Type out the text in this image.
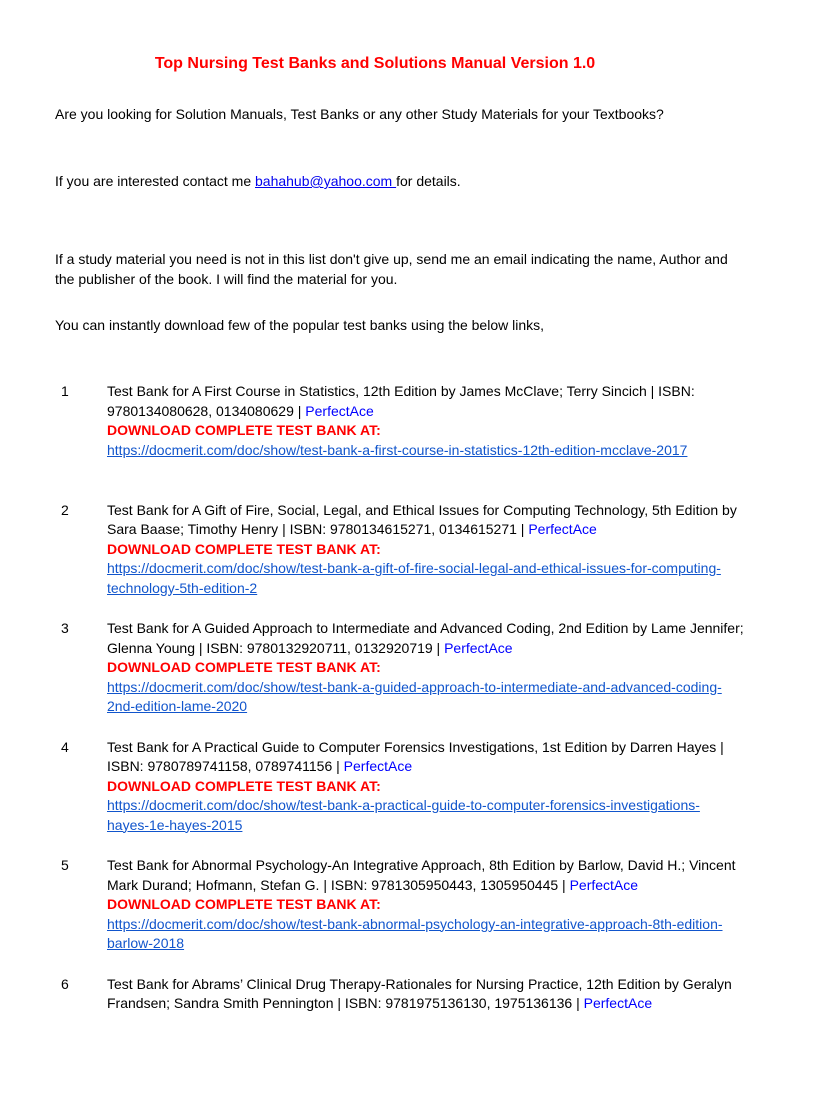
Top Nursing Test Banks and Solutions Manual Version 1.0
Are you looking for Solution Manuals, Test Banks or any other Study Materials for your Textbooks?
If you are interested contact me bahahub@yahoo.com for details.
If a study material you need is not in this list don't give up, send me an email indicating the name, Author and
the publisher of the book. I will find the material for you.
You can instantly download few of the popular test banks using the below links,
1	Test Bank for A First Course in Statistics, 12th Edition by James McClave; Terry Sincich | ISBN:
9780134080628, 0134080629 | PerfectAce
DOWNLOAD COMPLETE TEST BANK AT:
https://docmerit.com/doc/show/test-bank-a-first-course-in-statistics-12th-edition-mcclave-2017
2	Test Bank for A Gift of Fire, Social, Legal, and Ethical Issues for Computing Technology, 5th Edition by
Sara Baase; Timothy Henry | ISBN: 9780134615271, 0134615271 | PerfectAce
DOWNLOAD COMPLETE TEST BANK AT:
https://docmerit.com/doc/show/test-bank-a-gift-of-fire-social-legal-and-ethical-issues-for-computing-
technology-5th-edition-2
3	Test Bank for A Guided Approach to Intermediate and Advanced Coding, 2nd Edition by Lame Jennifer;
Glenna Young | ISBN: 9780132920711, 0132920719 | PerfectAce
DOWNLOAD COMPLETE TEST BANK AT:
https://docmerit.com/doc/show/test-bank-a-guided-approach-to-intermediate-and-advanced-coding-
2nd-edition-lame-2020
4	Test Bank for A Practical Guide to Computer Forensics Investigations, 1st Edition by Darren Hayes |
ISBN: 9780789741158, 0789741156 | PerfectAce
DOWNLOAD COMPLETE TEST BANK AT:
https://docmerit.com/doc/show/test-bank-a-practical-guide-to-computer-forensics-investigations-
hayes-1e-hayes-2015
5	Test Bank for Abnormal Psychology-An Integrative Approach, 8th Edition by Barlow, David H.; Vincent
Mark Durand; Hofmann, Stefan G. | ISBN: 9781305950443, 1305950445 | PerfectAce
DOWNLOAD COMPLETE TEST BANK AT:
https://docmerit.com/doc/show/test-bank-abnormal-psychology-an-integrative-approach-8th-edition-
barlow-2018
6	Test Bank for Abrams’ Clinical Drug Therapy-Rationales for Nursing Practice, 12th Edition by Geralyn
Frandsen; Sandra Smith Pennington | ISBN: 9781975136130, 1975136136 | PerfectAce
